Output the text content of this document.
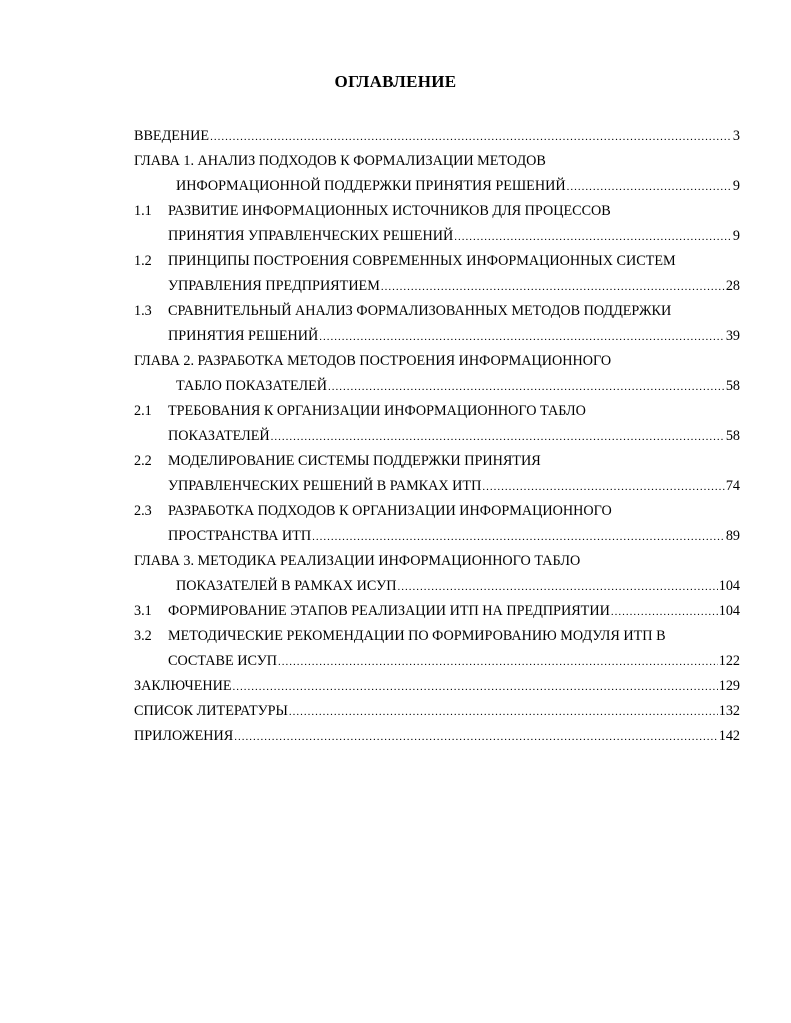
ОГЛАВЛЕНИЕ
ВВЕДЕНИЕ .....	3
ГЛАВА 1. АНАЛИЗ ПОДХОДОВ К ФОРМАЛИЗАЦИИ МЕТОДОВ
ИНФОРМАЦИОННОЙ ПОДДЕРЖКИ ПРИНЯТИЯ РЕШЕНИЙ .....	9
1.1	РАЗВИТИЕ ИНФОРМАЦИОННЫХ ИСТОЧНИКОВ ДЛЯ ПРОЦЕССОВ
ПРИНЯТИЯ УПРАВЛЕНЧЕСКИХ РЕШЕНИЙ .....	9
1.2	ПРИНЦИПЫ ПОСТРОЕНИЯ СОВРЕМЕННЫХ ИНФОРМАЦИОННЫХ СИСТЕМ
УПРАВЛЕНИЯ ПРЕДПРИЯТИЕМ .....	28
1.3	СРАВНИТЕЛЬНЫЙ АНАЛИЗ ФОРМАЛИЗОВАННЫХ МЕТОДОВ ПОДДЕРЖКИ
ПРИНЯТИЯ РЕШЕНИЙ .....	39
ГЛАВА 2. РАЗРАБОТКА МЕТОДОВ ПОСТРОЕНИЯ ИНФОРМАЦИОННОГО
ТАБЛО ПОКАЗАТЕЛЕЙ .....	58
2.1	ТРЕБОВАНИЯ К ОРГАНИЗАЦИИ ИНФОРМАЦИОННОГО ТАБЛО
ПОКАЗАТЕЛЕЙ .....	58
2.2	МОДЕЛИРОВАНИЕ СИСТЕМЫ ПОДДЕРЖКИ ПРИНЯТИЯ
УПРАВЛЕНЧЕСКИХ РЕШЕНИЙ В РАМКАХ ИТП .....	74
2.3	РАЗРАБОТКА ПОДХОДОВ К ОРГАНИЗАЦИИ ИНФОРМАЦИОННОГО
ПРОСТРАНСТВА ИТП .....	89
ГЛАВА 3. МЕТОДИКА РЕАЛИЗАЦИИ ИНФОРМАЦИОННОГО ТАБЛО
ПОКАЗАТЕЛЕЙ В РАМКАХ ИСУП .....	104
3.1	ФОРМИРОВАНИЕ ЭТАПОВ РЕАЛИЗАЦИИ ИТП НА ПРЕДПРИЯТИИ .....	104
3.2	МЕТОДИЧЕСКИЕ РЕКОМЕНДАЦИИ ПО ФОРМИРОВАНИЮ МОДУЛЯ ИТП В
СОСТАВЕ ИСУП .....	122
ЗАКЛЮЧЕНИЕ .....	129
СПИСОК ЛИТЕРАТУРЫ .....	132
ПРИЛОЖЕНИЯ .....	142
